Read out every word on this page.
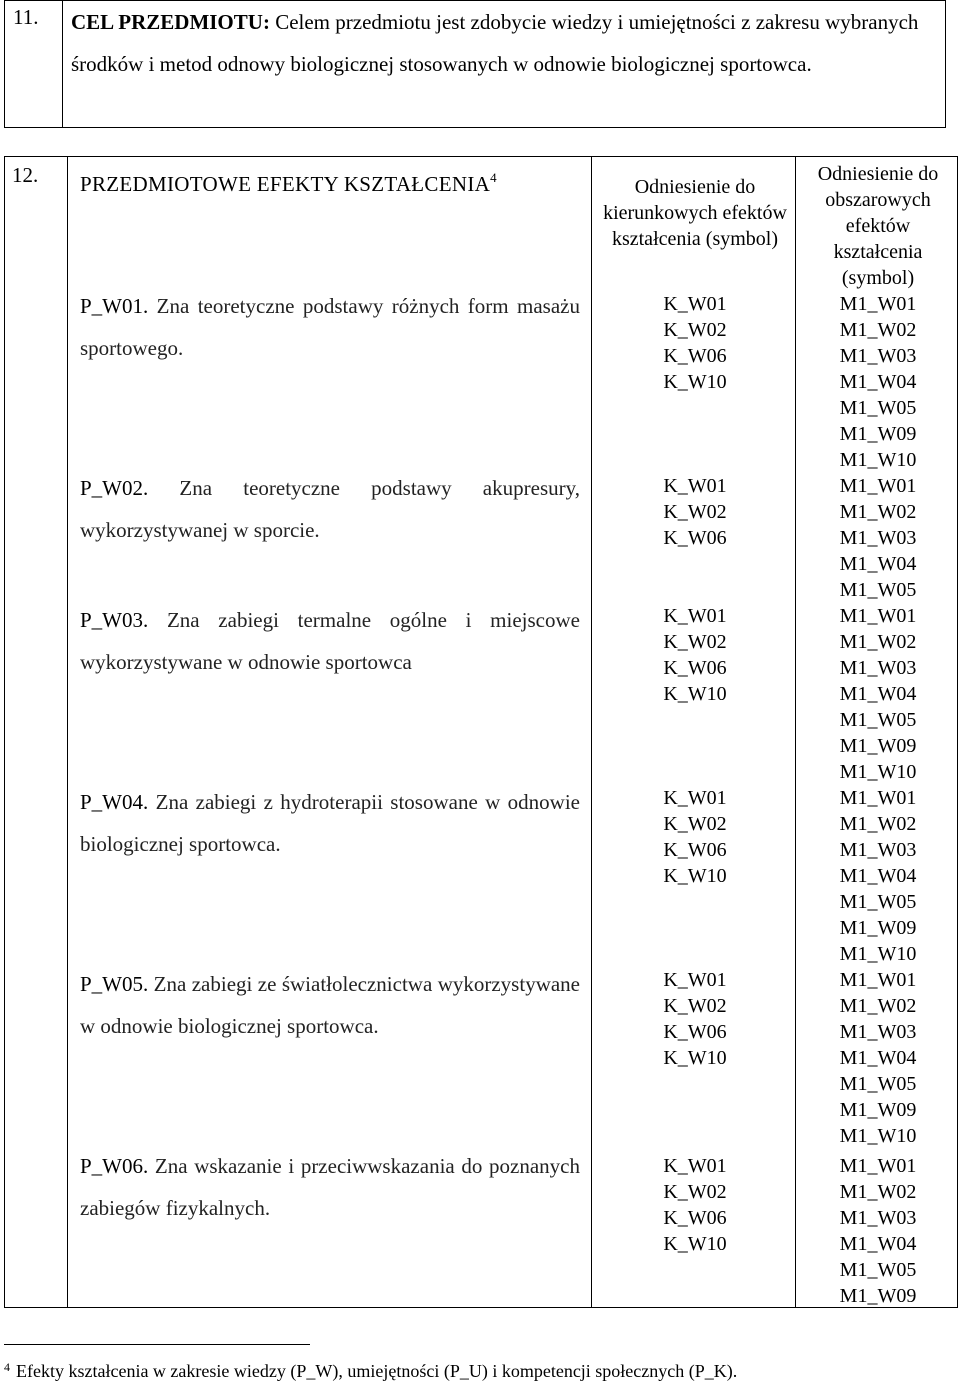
11.	CEL PRZEDMIOTU: Celem przedmiotu jest zdobycie wiedzy i umiejętności z zakresu wybranych środków i metod odnowy biologicznej stosowanych w odnowie biologicznej sportowca.
12. PRZEDMIOTOWE EFEKTY KSZTAŁCENIA$^4$	Odniesienie do kierunkowych efektów kształcenia (symbol)
Odniesienie do obszarowych efektów kształcenia (symbol)
P_W01. Zna teoretyczne podstawy różnych form masażu sportowego.
P_W02. Zna teoretyczne podstawy akupresury, wykorzystywanej w sporcie.
P_W03. Zna zabiegi termalne ogólne i miejscowe wykorzystywane w odnowie sportowca
P_W04. Zna zabiegi z hydroterapii stosowane w odnowie biologicznej sportowca.
P_W05. Zna zabiegi ze światłolecznictwa wykorzystywane w odnowie biologicznej sportowca.
P_W06. Zna wskazanie i przeciwwskazania do poznanych zabiegów fizykalnych.
K_W01
K_W02
K_W06
K_W10
K_W01
K_W02
K_W06
K_W01
K_W02
K_W06
K_W10
K_W01
K_W02
K_W06
K_W10
K_W01
K_W02
K_W06
K_W10
K_W01
K_W02
K_W06
K_W10
M1_W01
M1_W02
M1_W03
M1_W04
M1_W05
M1_W09
M1_W10
M1_W01
M1_W02
M1_W03
M1_W04
M1_W05
M1_W01
M1_W02
M1_W03
M1_W04
M1_W05
M1_W09
M1_W10
M1_W01
M1_W02
M1_W03
M1_W04
M1_W05
M1_W09
M1_W10
M1_W01
M1_W02
M1_W03
M1_W04
M1_W05
M1_W09
M1_W10
M1_W01
M1_W02
M1_W03
M1_W04
M1_W05
M1_W09
$^4$ Efekty kształcenia w zakresie wiedzy (P_W), umiejętności (P_U) i kompetencji społecznych (P_K).
